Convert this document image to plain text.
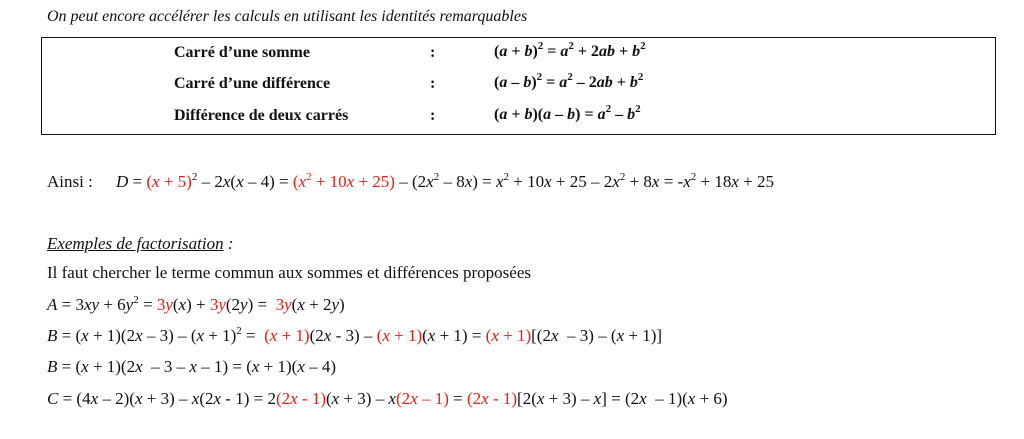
On peut encore accélérer les calculs en utilisant les identités remarquables
Carré d’une somme	:	$(a + b)^2 = a^2 + 2ab + b^2$
Carré d’une différence	:	$(a - b)^2 = a^2 - 2ab + b^2$
Différence de deux carrés	:	$(a + b)(a - b) = a^2 - b^2$
Ainsi : $D = (x + 5)^2 - 2x(x - 4) = (x^2 + 10x + 25) - (2x^2 - 8x) = x^2 + 10x + 25 - 2x^2 + 8x = -x^2 + 18x + 25$
Exemples de factorisation :
Il faut chercher le terme commun aux sommes et différences proposées
$A = 3xy + 6y^2 = 3y(x) + 3y(2y) = 3y(x + 2y)$
$B = (x + 1)(2x - 3) - (x + 1)^2 = (x + 1)(2x - 3) - (x + 1)(x + 1) = (x + 1)[(2x - 3) - (x + 1)]$
B = (x + 1)(2x  – 3 – x – 1) = (x + 1)(x – 4)
C = (4x – 2)(x + 3) – x(2x - 1) = 2(2x - 1)(x + 3) – x(2x – 1) = (2x - 1)[2(x + 3) – x] = (2x  – 1)(x + 6)
